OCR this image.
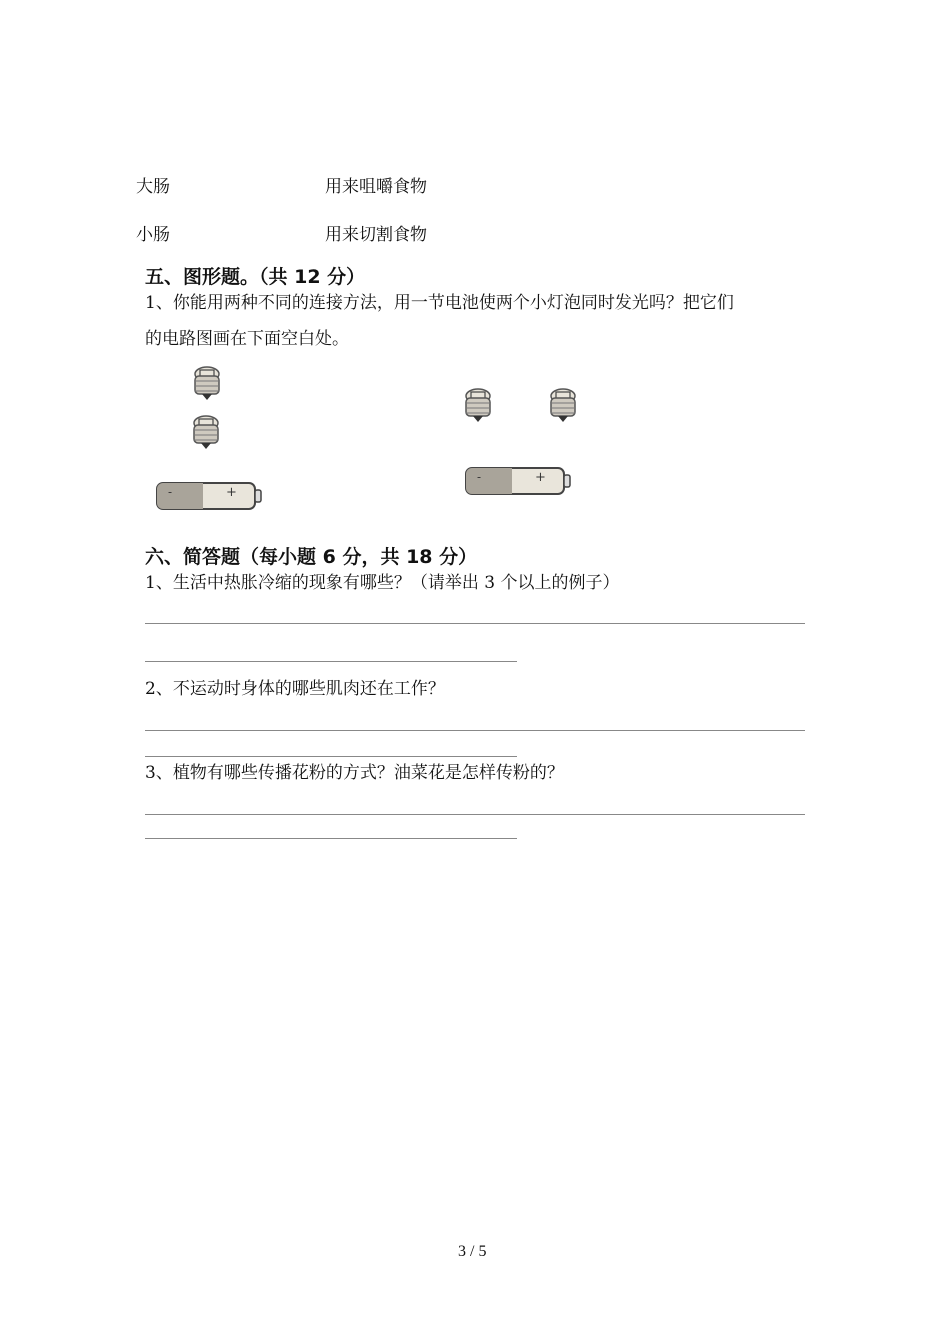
大肠	用来咀嚼食物
小肠	用来切割食物
五、图形题。（共 12 分）
1、你能用两种不同的连接方法，用一节电池使两个小灯泡同时发光吗？把它们
的电路图画在下面空白处。
-	+
-	+
六、简答题（每小题 6 分，共 18 分）
1、生活中热胀冷缩的现象有哪些？（请举出 3 个以上的例子）
2、不运动时身体的哪些肌肉还在工作？
3、植物有哪些传播花粉的方式？油菜花是怎样传粉的？
3 / 5
